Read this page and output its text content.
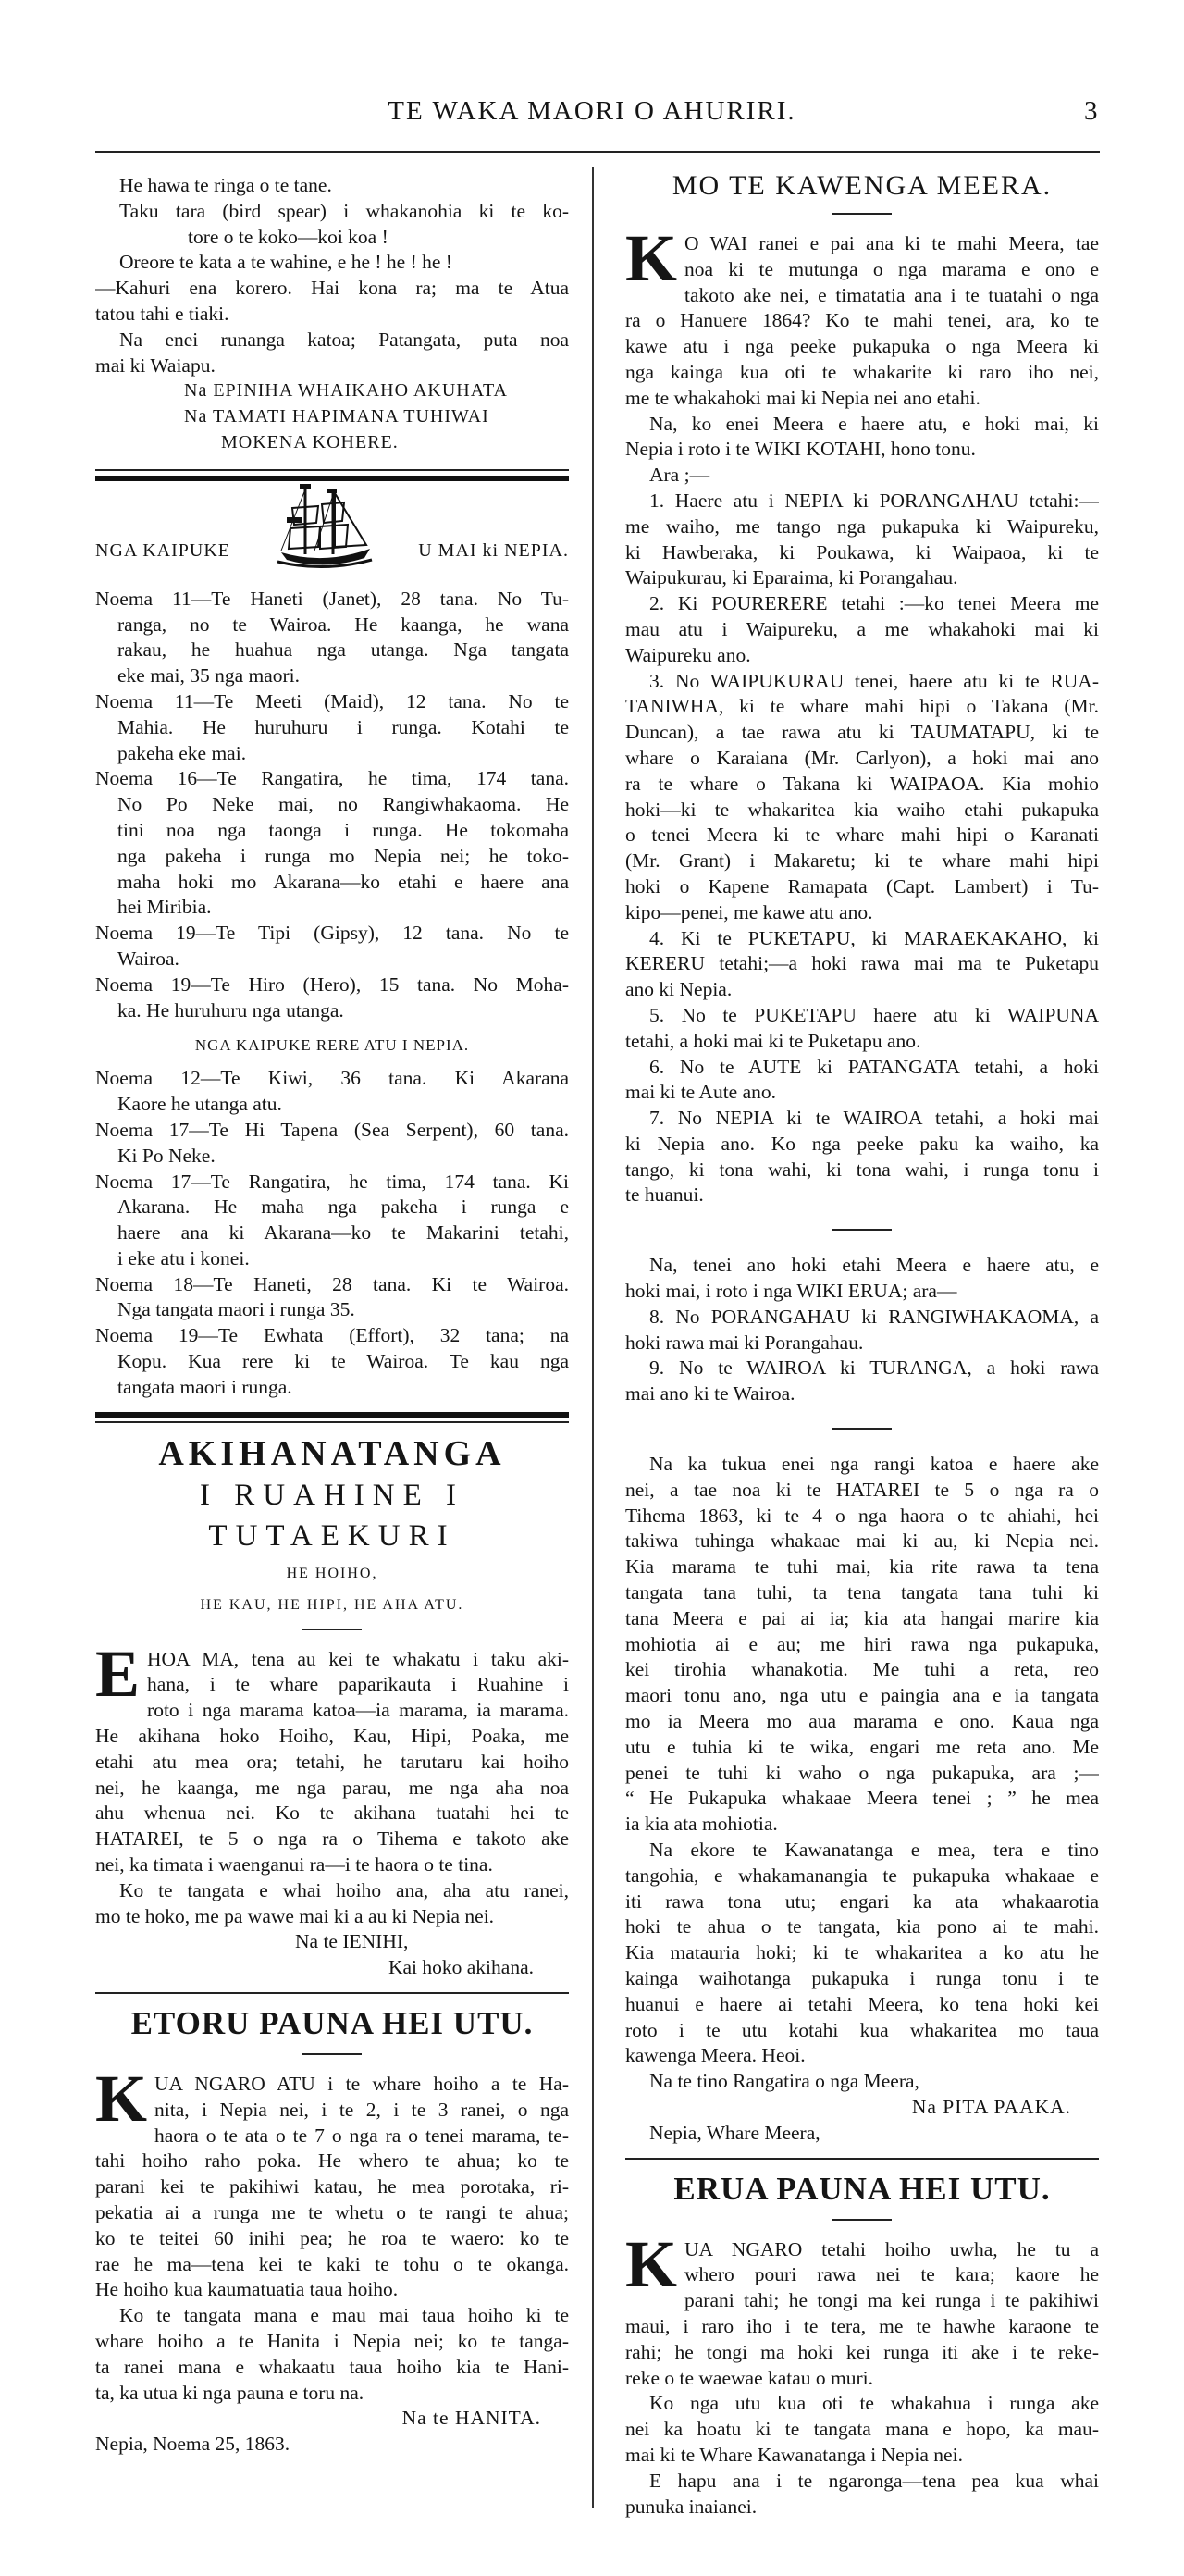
TE WAKA MAORI O AHURIRI.	3
He hawa te ringa o te tane.
Taku tara (bird spear) i whakanohia ki te ko-
tore o te koko—koi koa !
Oreore te kata a te wahine, e he ! he ! he !
—Kahuri ena korero. Hai kona ra; ma te Atua
tatou tahi e tiaki.
Na enei runanga katoa; Patangata, puta noa
mai ki Waiapu.
Na EPINIHA WHAIKAHO AKUHATA
Na TAMATI HAPIMANA TUHIWAI
MOKENA KOHERE.
NGA KAIPUKE	U MAI ki NEPIA.
Noema 11—Te Haneti (Janet), 28 tana. No Tu-
ranga, no te Wairoa. He kaanga, he wana
rakau, he huahua nga utanga. Nga tangata
eke mai, 35 nga maori.
Noema 11—Te Meeti (Maid), 12 tana. No te
Mahia. He huruhuru i runga. Kotahi te
pakeha eke mai.
Noema 16—Te Rangatira, he tima, 174 tana.
No Po Neke mai, no Rangiwhakaoma. He
tini noa nga taonga i runga. He tokomaha
nga pakeha i runga mo Nepia nei; he toko-
maha hoki mo Akarana—ko etahi e haere ana
hei Miribia.
Noema 19—Te Tipi (Gipsy), 12 tana. No te
Wairoa.
Noema 19—Te Hiro (Hero), 15 tana. No Moha-
ka. He huruhuru nga utanga.
NGA KAIPUKE RERE ATU I NEPIA.
Noema 12—Te Kiwi, 36 tana. Ki Akarana
Kaore he utanga atu.
Noema 17—Te Hi Tapena (Sea Serpent), 60 tana.
Ki Po Neke.
Noema 17—Te Rangatira, he tima, 174 tana. Ki
Akarana. He maha nga pakeha i runga e
haere ana ki Akarana—ko te Makarini tetahi,
i eke atu i konei.
Noema 18—Te Haneti, 28 tana. Ki te Wairoa.
Nga tangata maori i runga 35.
Noema 19—Te Ewhata (Effort), 32 tana; na
Kopu. Kua rere ki te Wairoa. Te kau nga
tangata maori i runga.
AKIHANATANGA
I RUAHINE I TUTAEKURI
HE HOIHO,
HE KAU, HE HIPI, HE AHA ATU.
E HOA MA, tena au kei te whakatu i taku aki-
hana, i te whare paparikauta i Ruahine i
roto i nga marama katoa—ia marama, ia marama.
He akihana hoko Hoiho, Kau, Hipi, Poaka, me
etahi atu mea ora; tetahi, he tarutaru kai hoiho
nei, he kaanga, me nga parau, me nga aha noa
ahu whenua nei. Ko te akihana tuatahi hei te
HATAREI, te 5 o nga ra o Tihema e takoto ake
nei, ka timata i waenganui ra—i te haora o te tina.
Ko te tangata e whai hoiho ana, aha atu ranei,
mo te hoko, me pa wawe mai ki a au ki Nepia nei.
Na te IENIHI,
Kai hoko akihana.
ETORU PAUNA HEI UTU.
K UA NGARO ATU i te whare hoiho a te Ha-
nita, i Nepia nei, i te 2, i te 3 ranei, o nga
haora o te ata o te 7 o nga ra o tenei marama, te-
tahi hoiho raho poka. He whero te ahua; ko te
parani kei te pakihiwi katau, he mea porotaka, ri-
pekatia ai a runga me te whetu o te rangi te ahua;
ko te teitei 60 inihi pea; he roa te waero: ko te
rae he ma—tena kei te kaki te tohu o te okanga.
He hoiho kua kaumatuatia taua hoiho.
Ko te tangata mana e mau mai taua hoiho ki te
whare hoiho a te Hanita i Nepia nei; ko te tanga-
ta ranei mana e whakaatu taua hoiho kia te Hani-
ta, ka utua ki nga pauna e toru na.
Na te HANITA.
Nepia, Noema 25, 1863.
MO TE KAWENGA MEERA.
K O WAI ranei e pai ana ki te mahi Meera, tae
noa ki te mutunga o nga marama e ono e
takoto ake nei, e timatatia ana i te tuatahi o nga
ra o Hanuere 1864? Ko te mahi tenei, ara, ko te
kawe atu i nga peeke pukapuka o nga Meera ki
nga kainga kua oti te whakarite ki raro iho nei,
me te whakahoki mai ki Nepia nei ano etahi.
Na, ko enei Meera e haere atu, e hoki mai, ki
Nepia i roto i te WIKI KOTAHI, hono tonu.
Ara ;—
1. Haere atu i NEPIA ki PORANGAHAU tetahi:—
me waiho, me tango nga pukapuka ki Waipureku,
ki Hawberaka, ki Poukawa, ki Waipaoa, ki te
Waipukurau, ki Eparaima, ki Porangahau.
2. Ki POURERERE tetahi :—ko tenei Meera me
mau atu i Waipureku, a me whakahoki mai ki
Waipureku ano.
3. No WAIPUKURAU tenei, haere atu ki te RUA-
TANIWHA, ki te whare mahi hipi o Takana (Mr.
Duncan), a tae rawa atu ki TAUMATAPU, ki te
whare o Karaiana (Mr. Carlyon), a hoki mai ano
ra te whare o Takana ki WAIPAOA. Kia mohio
hoki—ki te whakaritea kia waiho etahi pukapuka
o tenei Meera ki te whare mahi hipi o Karanati
(Mr. Grant) i Makaretu; ki te whare mahi hipi
hoki o Kapene Ramapata (Capt. Lambert) i Tu-
kipo—penei, me kawe atu ano.
4. Ki te PUKETAPU, ki MARAEKAKAHO, ki
KERERU tetahi;—a hoki rawa mai ma te Puketapu
ano ki Nepia.
5. No te PUKETAPU haere atu ki WAIPUNA
tetahi, a hoki mai ki te Puketapu ano.
6. No te AUTE ki PATANGATA tetahi, a hoki
mai ki te Aute ano.
7. No NEPIA ki te WAIROA tetahi, a hoki mai
ki Nepia ano. Ko nga peeke paku ka waiho, ka
tango, ki tona wahi, ki tona wahi, i runga tonu i
te huanui.
Na, tenei ano hoki etahi Meera e haere atu, e
hoki mai, i roto i nga WIKI ERUA; ara—
8. No PORANGAHAU ki RANGIWHAKAOMA, a
hoki rawa mai ki Porangahau.
9. No te WAIROA ki TURANGA, a hoki rawa
mai ano ki te Wairoa.
Na ka tukua enei nga rangi katoa e haere ake
nei, a tae noa ki te HATAREI te 5 o nga ra o
Tihema 1863, ki te 4 o nga haora o te ahiahi, hei
takiwa tuhinga whakaae mai ki au, ki Nepia nei.
Kia marama te tuhi mai, kia rite rawa ta tena
tangata tana tuhi, ta tena tangata tana tuhi ki
tana Meera e pai ai ia; kia ata hangai marire kia
mohiotia ai e au; me hiri rawa nga pukapuka,
kei tirohia whanakotia. Me tuhi a reta, reo
maori tonu ano, nga utu e paingia ana e ia tangata
mo ia Meera mo aua marama e ono. Kaua nga
utu e tuhia ki te wika, engari me reta ano. Me
penei te tuhi ki waho o nga pukapuka, ara ;—
“ He Pukapuka whakaae Meera tenei ; ” he mea
ia kia ata mohiotia.
Na ekore te Kawanatanga e mea, tera e tino
tangohia, e whakamanangia te pukapuka whakaae e
iti rawa tona utu; engari ka ata whakaarotia
hoki te ahua o te tangata, kia pono ai te mahi.
Kia matauria hoki; ki te whakaritea a ko atu he
kainga waihotanga pukapuka i runga tonu i te
huanui e haere ai tetahi Meera, ko tena hoki kei
roto i te utu kotahi kua whakaritea mo taua
kawenga Meera. Heoi.
Na te tino Rangatira o nga Meera,
Na PITA PAAKA.
Nepia, Whare Meera,
ERUA PAUNA HEI UTU.
K UA NGARO tetahi hoiho uwha, he tu a
whero pouri rawa nei te kara; kaore he
parani tahi; he tongi ma kei runga i te pakihiwi
maui, i raro iho i te tera, me te hawhe karaone te
rahi; he tongi ma hoki kei runga iti ake i te reke-
reke o te waewae katau o muri.
Ko nga utu kua oti te whakahua i runga ake
nei ka hoatu ki te tangata mana e hopo, ka mau-
mai ki te Whare Kawanatanga i Nepia nei.
E hapu ana i te ngaronga—tena pea kua whai
punuka inaianei.
